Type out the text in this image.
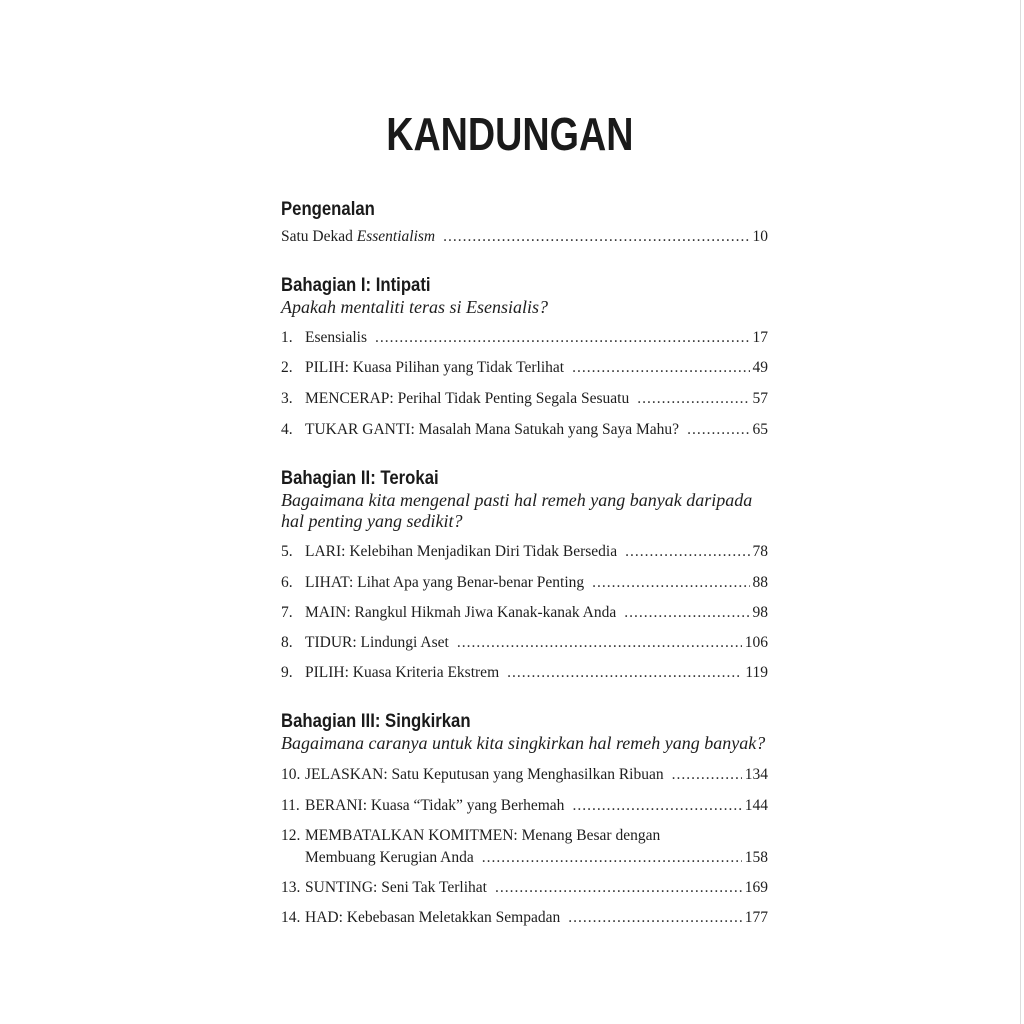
KANDUNGAN
Pengenalan
Satu Dekad Essentialism .....	10
Bahagian I: Intipati
Apakah mentaliti teras si Esensialis?
1. Esensialis .....	17
2. PILIH: Kuasa Pilihan yang Tidak Terlihat .....	49
3. MENCERAP: Perihal Tidak Penting Segala Sesuatu .....	57
4. TUKAR GANTI: Masalah Mana Satukah yang Saya Mahu? .....	65
Bahagian II: Terokai
Bagaimana kita mengenal pasti hal remeh yang banyak daripada
hal penting yang sedikit?
5. LARI: Kelebihan Menjadikan Diri Tidak Bersedia .....	78
6. LIHAT: Lihat Apa yang Benar-benar Penting .....	88
7. MAIN: Rangkul Hikmah Jiwa Kanak-kanak Anda .....	98
8. TIDUR: Lindungi Aset .....	106
9. PILIH: Kuasa Kriteria Ekstrem .....	119
Bahagian III: Singkirkan
Bagaimana caranya untuk kita singkirkan hal remeh yang banyak?
10. JELASKAN: Satu Keputusan yang Menghasilkan Ribuan .....	134
11. BERANI: Kuasa “Tidak” yang Berhemah .....	144
12. MEMBATALKAN KOMITMEN: Menang Besar dengan
Membuang Kerugian Anda .....	158
13. SUNTING: Seni Tak Terlihat .....	169
14. HAD: Kebebasan Meletakkan Sempadan .....	177
